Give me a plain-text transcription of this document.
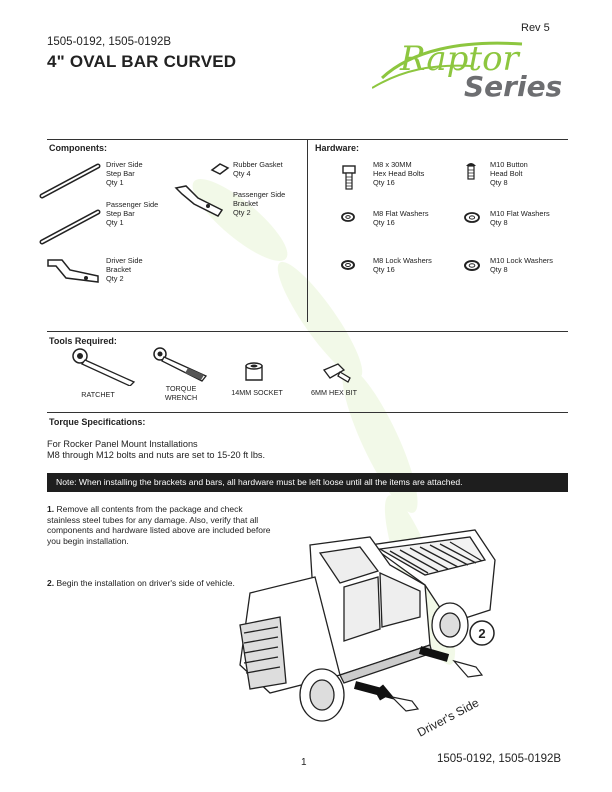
1505-0192, 1505-0192B
4" OVAL BAR CURVED
Rev 5
Raptor
Series
Components:
Driver Side
Step Bar
Qty 1
Passenger Side
Step Bar
Qty 1
Driver Side
Bracket
Qty 2
Rubber Gasket
Qty 4
Passenger Side
Bracket
Qty 2
Hardware:
M8 x 30MM
Hex Head Bolts
Qty 16
M10 Button
Head Bolt
Qty 8
M8 Flat Washers
Qty 16
M10 Flat Washers
Qty 8
M8 Lock Washers
Qty 16
M10 Lock Washers
Qty 8
Tools Required:
RATCHET
TORQUE
WRENCH	14MM SOCKET	6MM HEX BIT
Torque Specifications:
For Rocker Panel Mount Installations
M8 through M12 bolts and nuts are set to 15-20 ft lbs.
Note: When installing the brackets and bars, all hardware must be left loose until all the items are attached.
1. Remove all contents from the package and check stainless steel tubes for any damage. Also, verify that all components and hardware listed above are included before you begin installation.
2. Begin the installation on driver's side of vehicle.
2
Driver's Side
1	1505-0192, 1505-0192B
